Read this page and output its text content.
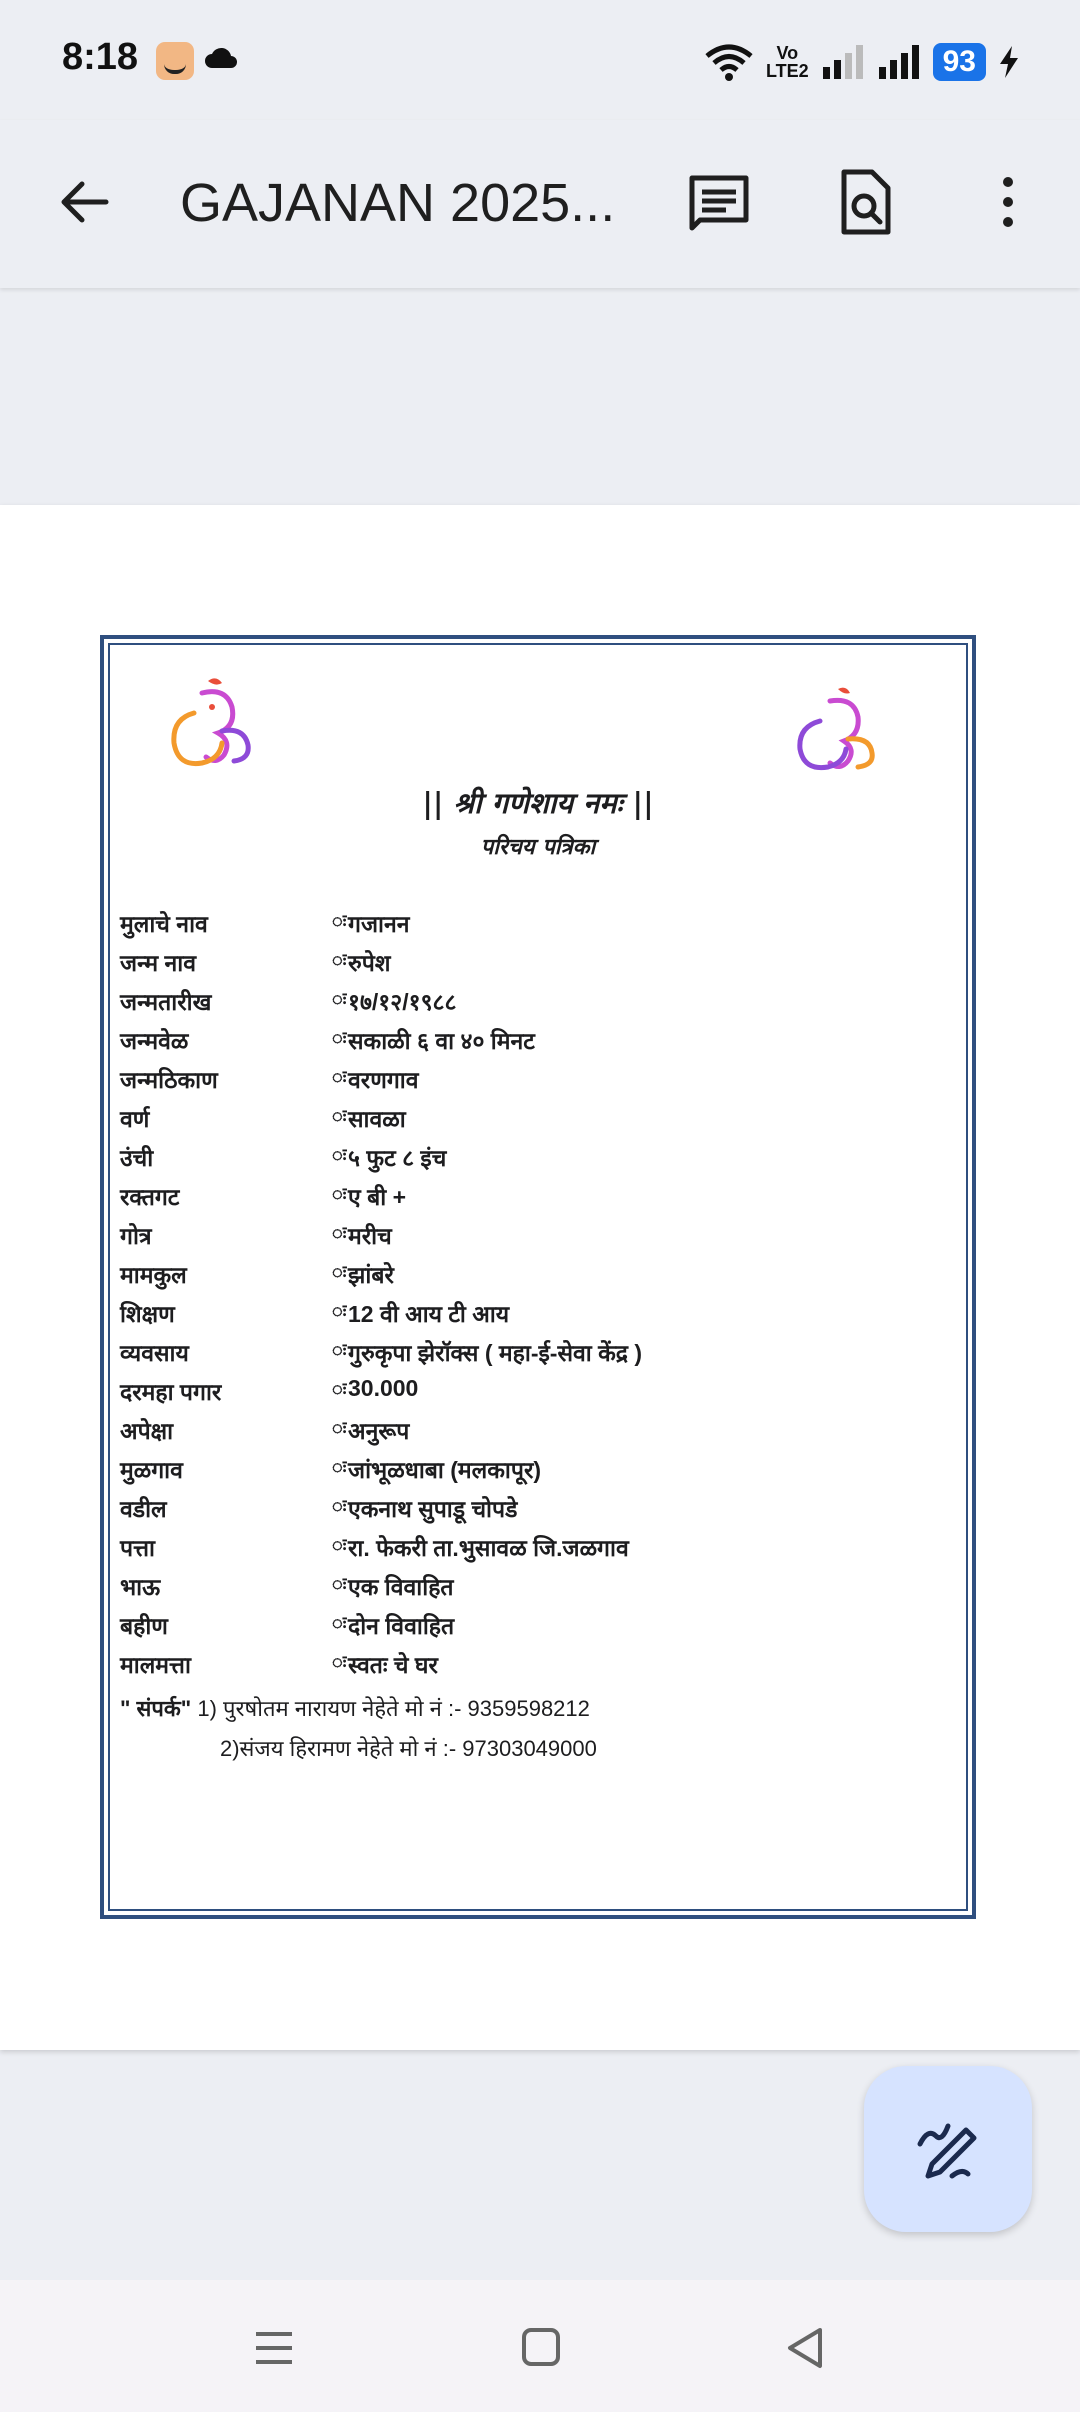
8:18	Vo
LTE2	93
GAJANAN 2025...
|| श्री गणेशाय नमः ||
परिचय पत्रिका
मुलाचे नाव	ः गजानन
जन्म नाव	ः रुपेश
जन्मतारीख	ः १७/१२/१९८८
जन्मवेळ	ः सकाळी ६ वा ४० मिनट
जन्मठिकाण	ः वरणगाव
वर्ण	ः सावळा
उंची	ः ५ फुट ८ इंच
रक्तगट	ः ए बी +
गोत्र	ः मरीच
मामकुल	ः झांबरे
शिक्षण	ः 12 वी आय टी आय
व्यवसाय	ः गुरुकृपा झेरॉक्स ( महा-ई-सेवा केंद्र )
दरमहा पगार	ः 30.000
अपेक्षा	ः अनुरूप
मुळगाव	ः जांभूळधाबा (मलकापूर)
वडील	ः एकनाथ सुपाडू चोपडे
पत्ता	ः रा. फेकरी ता.भुसावळ जि.जळगाव
भाऊ	ः एक विवाहित
बहीण	ः दोन विवाहित
मालमत्ता	ः स्वतः चे घर
" संपर्क" 1) पुरषोतम नारायण नेहेते मो नं :- 9359598212
2)संजय हिरामण नेहेते मो नं :- 97303049000
